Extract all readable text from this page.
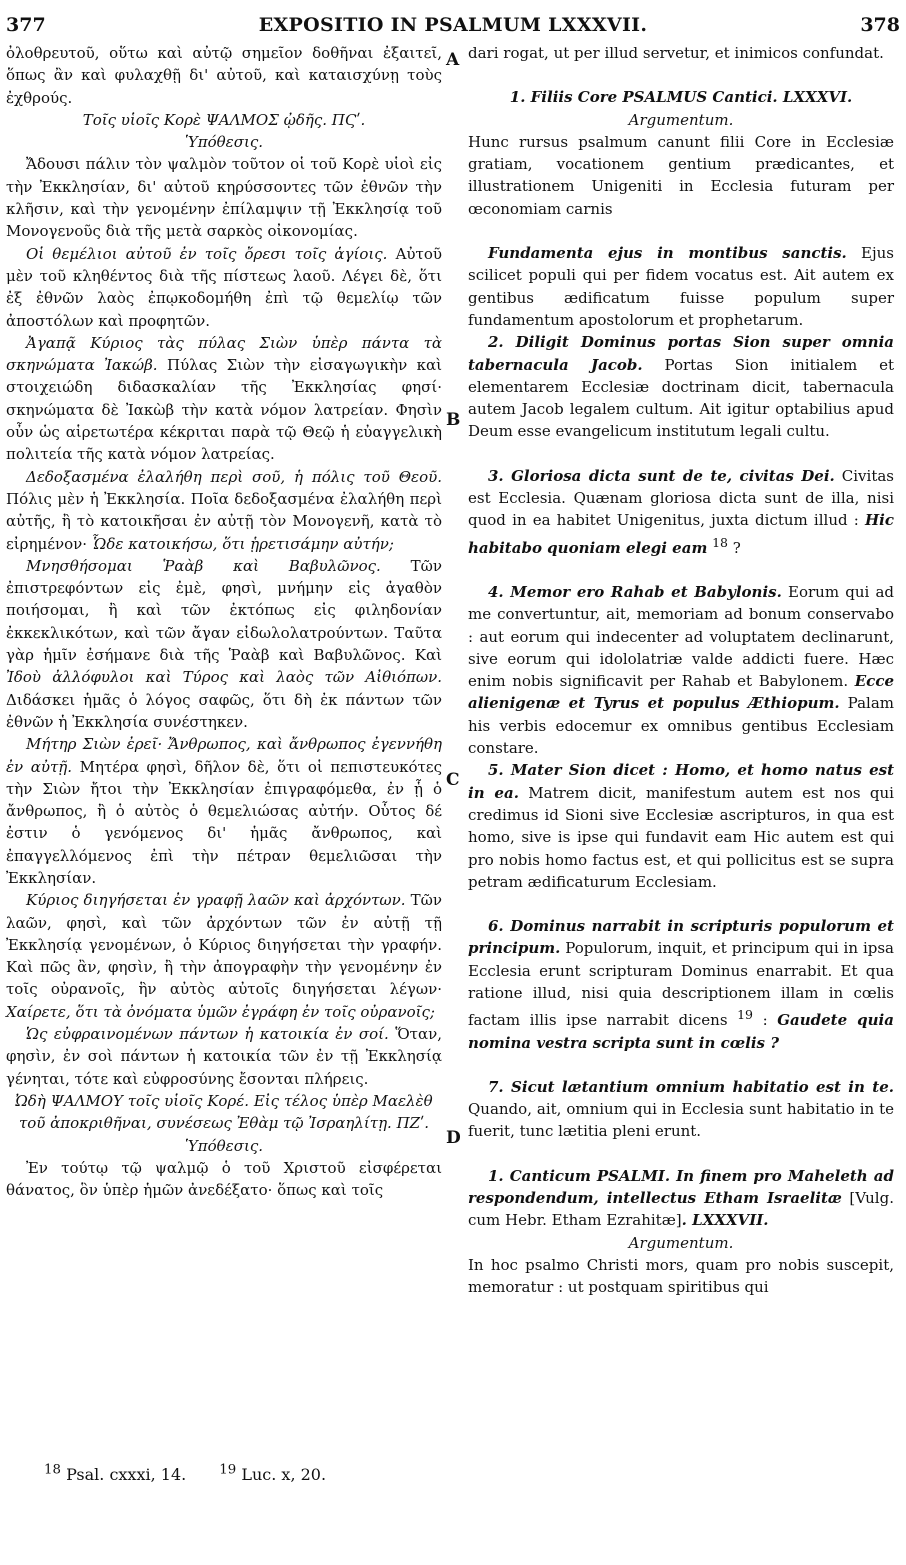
377	EXPOSITIO IN PSALMUM LXXXVII.	378

ὀλοθρευτοῦ, οὕτω καὶ αὐτῷ σημεῖον δοθῆναι ἐξαιτεῖ, ὅπως ἂν καὶ φυλαχθῇ δι' αὐτοῦ, καὶ καταισχύνῃ τοὺς ἐχθρούς.

Τοῖς υἱοῖς Κορὲ ΨΑΛΜΟΣ ᾠδῆς. ΠϚʹ.

Ὑπόθεσις.

Ἄδουσι πάλιν τὸν ψαλμὸν τοῦτον οἱ τοῦ Κορὲ υἱοὶ εἰς τὴν Ἐκκλησίαν, δι' αὐτοῦ κηρύσσοντες τῶν ἐθνῶν τὴν κλῆσιν, καὶ τὴν γενομένην ἐπίλαμψιν τῇ Ἐκκλησίᾳ τοῦ Μονογενοῦς διὰ τῆς μετὰ σαρκὸς οἰκονομίας.

Οἱ θεμέλιοι αὐτοῦ ἐν τοῖς ὄρεσι τοῖς ἁγίοις. Αὐτοῦ μὲν τοῦ κληθέντος διὰ τῆς πίστεως λαοῦ. Λέγει δὲ, ὅτι ἐξ ἐθνῶν λαὸς ἐπῳκοδομήθη ἐπὶ τῷ θεμελίῳ τῶν ἀποστόλων καὶ προφητῶν.

Ἀγαπᾷ Κύριος τὰς πύλας Σιὼν ὑπὲρ πάντα τὰ σκηνώματα Ἰακώβ. Πύλας Σιὼν τὴν εἰσαγωγικὴν καὶ στοιχειώδη διδασκαλίαν τῆς Ἐκκλησίας φησί· σκηνώματα δὲ Ἰακὼβ τὴν κατὰ νόμον λατρείαν. Φησὶν οὖν ὡς αἱρετωτέρα κέκριται παρὰ τῷ Θεῷ ἡ εὐαγγελικὴ πολιτεία τῆς κατὰ νόμον λατρείας.

Δεδοξασμένα ἐλαλήθη περὶ σοῦ, ἡ πόλις τοῦ Θεοῦ. Πόλις μὲν ἡ Ἐκκλησία. Ποῖα δεδοξασμένα ἐλαλήθη περὶ αὐτῆς, ἢ τὸ κατοικῆσαι ἐν αὐτῇ τὸν Μονογενῆ, κατὰ τὸ εἰρημένον· Ὧδε κατοικήσω, ὅτι ᾑρετισάμην αὐτήν;

Μνησθήσομαι Ῥαὰβ καὶ Βαβυλῶνος. Τῶν ἐπιστρεφόντων εἰς ἐμὲ, φησὶ, μνήμην εἰς ἀγαθὸν ποιήσομαι, ἢ καὶ τῶν ἐκτόπως εἰς φιληδονίαν ἐκκεκλικότων, καὶ τῶν ἄγαν εἰδωλολατρούντων. Ταῦτα γὰρ ἡμῖν ἐσήμανε διὰ τῆς Ῥαὰβ καὶ Βαβυλῶνος. Καὶ Ἰδοὺ ἀλλόφυλοι καὶ Τύρος καὶ λαὸς τῶν Αἰθιόπων. Διδάσκει ἡμᾶς ὁ λόγος σαφῶς, ὅτι δὴ ἐκ πάντων τῶν ἐθνῶν ἡ Ἐκκλησία συνέστηκεν.

Μήτηρ Σιὼν ἐρεῖ· Ἄνθρωπος, καὶ ἄνθρωπος ἐγεννήθη ἐν αὐτῇ. Μητέρα φησὶ, δῆλον δὲ, ὅτι οἱ πεπιστευκότες τὴν Σιὼν ἤτοι τὴν Ἐκκλησίαν ἐπιγραφόμεθα, ἐν ᾗ ὁ ἄνθρωπος, ἢ ὁ αὐτὸς ὁ θεμελιώσας αὐτήν. Οὗτος δέ ἐστιν ὁ γενόμενος δι' ἡμᾶς ἄνθρωπος, καὶ ἐπαγγελλόμενος ἐπὶ τὴν πέτραν θεμελιῶσαι τὴν Ἐκκλησίαν.

Κύριος διηγήσεται ἐν γραφῇ λαῶν καὶ ἀρχόντων. Τῶν λαῶν, φησὶ, καὶ τῶν ἀρχόντων τῶν ἐν αὐτῇ τῇ Ἐκκλησίᾳ γενομένων, ὁ Κύριος διηγήσεται τὴν γραφήν. Καὶ πῶς ἂν, φησὶν, ἢ τὴν ἀπογραφὴν τὴν γενομένην ἐν τοῖς οὐρανοῖς, ἣν αὐτὸς αὐτοῖς διηγήσεται λέγων· Χαίρετε, ὅτι τὰ ὀνόματα ὑμῶν ἐγράφη ἐν τοῖς οὐρανοῖς;

Ὡς εὐφραινομένων πάντων ἡ κατοικία ἐν σοί. Ὅταν, φησὶν, ἐν σοὶ πάντων ἡ κατοικία τῶν ἐν τῇ Ἐκκλησίᾳ γένηται, τότε καὶ εὐφροσύνης ἔσονται πλήρεις.

Ὠδὴ ΨΑΛΜΟΥ τοῖς υἱοῖς Κορέ. Εἰς τέλος ὑπὲρ Μαελὲθ τοῦ ἀποκριθῆναι, συνέσεως Ἐθὰμ τῷ Ἰσραηλίτῃ. ΠΖʹ.

Ὑπόθεσις.

Ἐν τούτῳ τῷ ψαλμῷ ὁ τοῦ Χριστοῦ εἰσφέρεται θάνατος, ὃν ὑπὲρ ἡμῶν ἀνεδέξατο· ὅπως καὶ τοῖς

A
B
C
D

dari rogat, ut per illud servetur, et inimicos confundat.

1. Filiis Core PSALMUS Cantici. LXXXVI.

Argumentum.

Hunc rursus psalmum canunt filii Core in Ecclesiæ gratiam, vocationem gentium prædicantes, et illustrationem Unigeniti in Ecclesia futuram per œconomiam carnis

Fundamenta ejus in montibus sanctis. Ejus scilicet populi qui per fidem vocatus est. Ait autem ex gentibus ædificatum fuisse populum super fundamentum apostolorum et prophetarum.

2. Diligit Dominus portas Sion super omnia tabernacula Jacob. Portas Sion initialem et elementarem Ecclesiæ doctrinam dicit, tabernacula autem Jacob legalem cultum. Ait igitur optabilius apud Deum esse evangelicum institutum legali cultu.

3. Gloriosa dicta sunt de te, civitas Dei. Civitas est Ecclesia. Quænam gloriosa dicta sunt de illa, nisi quod in ea habitet Unigenitus, juxta dictum illud : Hic habitabo quoniam elegi eam $^{18}$ ?

4. Memor ero Rahab et Babylonis. Eorum qui ad me convertuntur, ait, memoriam ad bonum conservabo : aut eorum qui indecenter ad voluptatem declinarunt, sive eorum qui idololatriæ valde addicti fuere. Hæc enim nobis significavit per Rahab et Babylonem. Ecce alienigenæ et Tyrus et populus Æthiopum. Palam his verbis edocemur ex omnibus gentibus Ecclesiam constare.

5. Mater Sion dicet : Homo, et homo natus est in ea. Matrem dicit, manifestum autem est nos qui credimus id Sioni sive Ecclesiæ ascripturos, in qua est homo, sive is ipse qui fundavit eam Hic autem est qui pro nobis homo factus est, et qui pollicitus est se supra petram ædificaturum Ecclesiam.

6. Dominus narrabit in scripturis populorum et principum. Populorum, inquit, et principum qui in ipsa Ecclesia erunt scripturam Dominus enarrabit. Et qua ratione illud, nisi quia descriptionem illam in cœlis factam illis ipse narrabit dicens $^{19}$ : Gaudete quia nomina vestra scripta sunt in cœlis ?

7. Sicut lætantium omnium habitatio est in te. Quando, ait, omnium qui in Ecclesia sunt habitatio in te fuerit, tunc lætitia pleni erunt.

1. Canticum PSALMI. In finem pro Maheleth ad respondendum, intellectus Etham Israelitæ [Vulg. cum Hebr. Etham Ezrahitæ]. LXXXVII.

Argumentum.

In hoc psalmo Christi mors, quam pro nobis suscepit, memoratur : ut postquam spiritibus qui

$^{18}$ Psal. cxxxi, 14. $^{19}$ Luc. x, 20.
